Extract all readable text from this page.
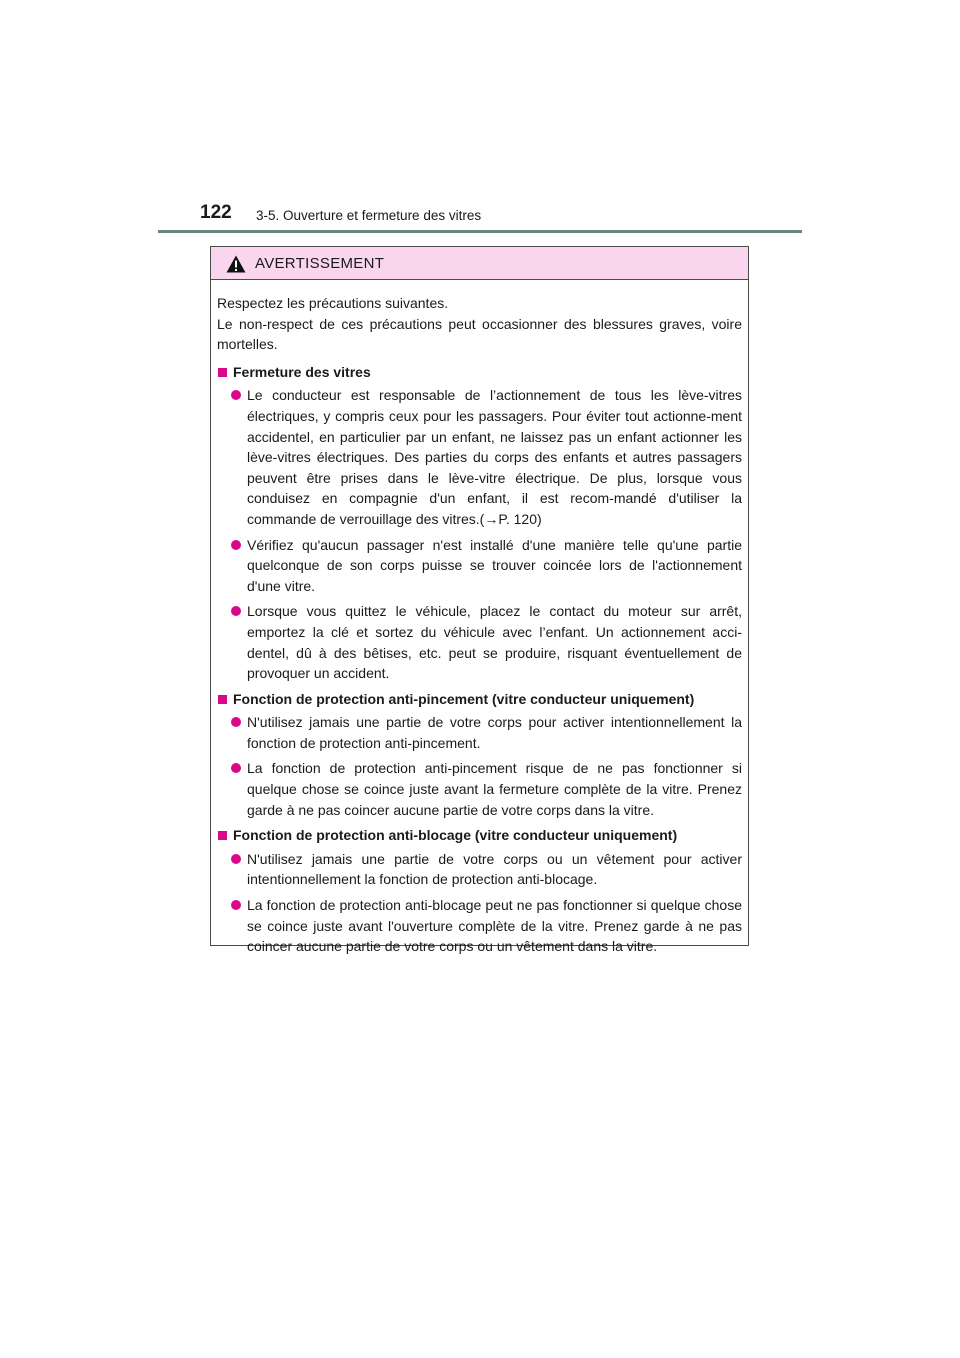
122 3-5. Ouverture et fermeture des vitres
AVERTISSEMENT

Respectez les précautions suivantes.
Le non-respect de ces précautions peut occasionner des blessures graves, voire mortelles.

Fermeture des vitres
Le conducteur est responsable de l’actionnement de tous les lève-vitres électriques, y compris ceux pour les passagers. Pour éviter tout actionne-ment accidentel, en particulier par un enfant, ne laissez pas un enfant actionner les lève-vitres électriques. Des parties du corps des enfants et autres passagers peuvent être prises dans le lève-vitre électrique. De plus, lorsque vous conduisez en compagnie d'un enfant, il est recom-mandé d'utiliser la commande de verrouillage des vitres.(→P. 120)
Vérifiez qu'aucun passager n'est installé d'une manière telle qu'une partie quelconque de son corps puisse se trouver coincée lors de l'actionnement d'une vitre.
Lorsque vous quittez le véhicule, placez le contact du moteur sur arrêt, emportez la clé et sortez du véhicule avec l’enfant. Un actionnement acci-dentel, dû à des bêtises, etc. peut se produire, risquant éventuellement de provoquer un accident.
Fonction de protection anti-pincement (vitre conducteur uniquement)
N'utilisez jamais une partie de votre corps pour activer intentionnellement la fonction de protection anti-pincement.
La fonction de protection anti-pincement risque de ne pas fonctionner si quelque chose se coince juste avant la fermeture complète de la vitre. Prenez garde à ne pas coincer aucune partie de votre corps dans la vitre.
Fonction de protection anti-blocage (vitre conducteur uniquement)
N'utilisez jamais une partie de votre corps ou un vêtement pour activer intentionnellement la fonction de protection anti-blocage.
La fonction de protection anti-blocage peut ne pas fonctionner si quelque chose se coince juste avant l'ouverture complète de la vitre. Prenez garde à ne pas coincer aucune partie de votre corps ou un vêtement dans la vitre.
